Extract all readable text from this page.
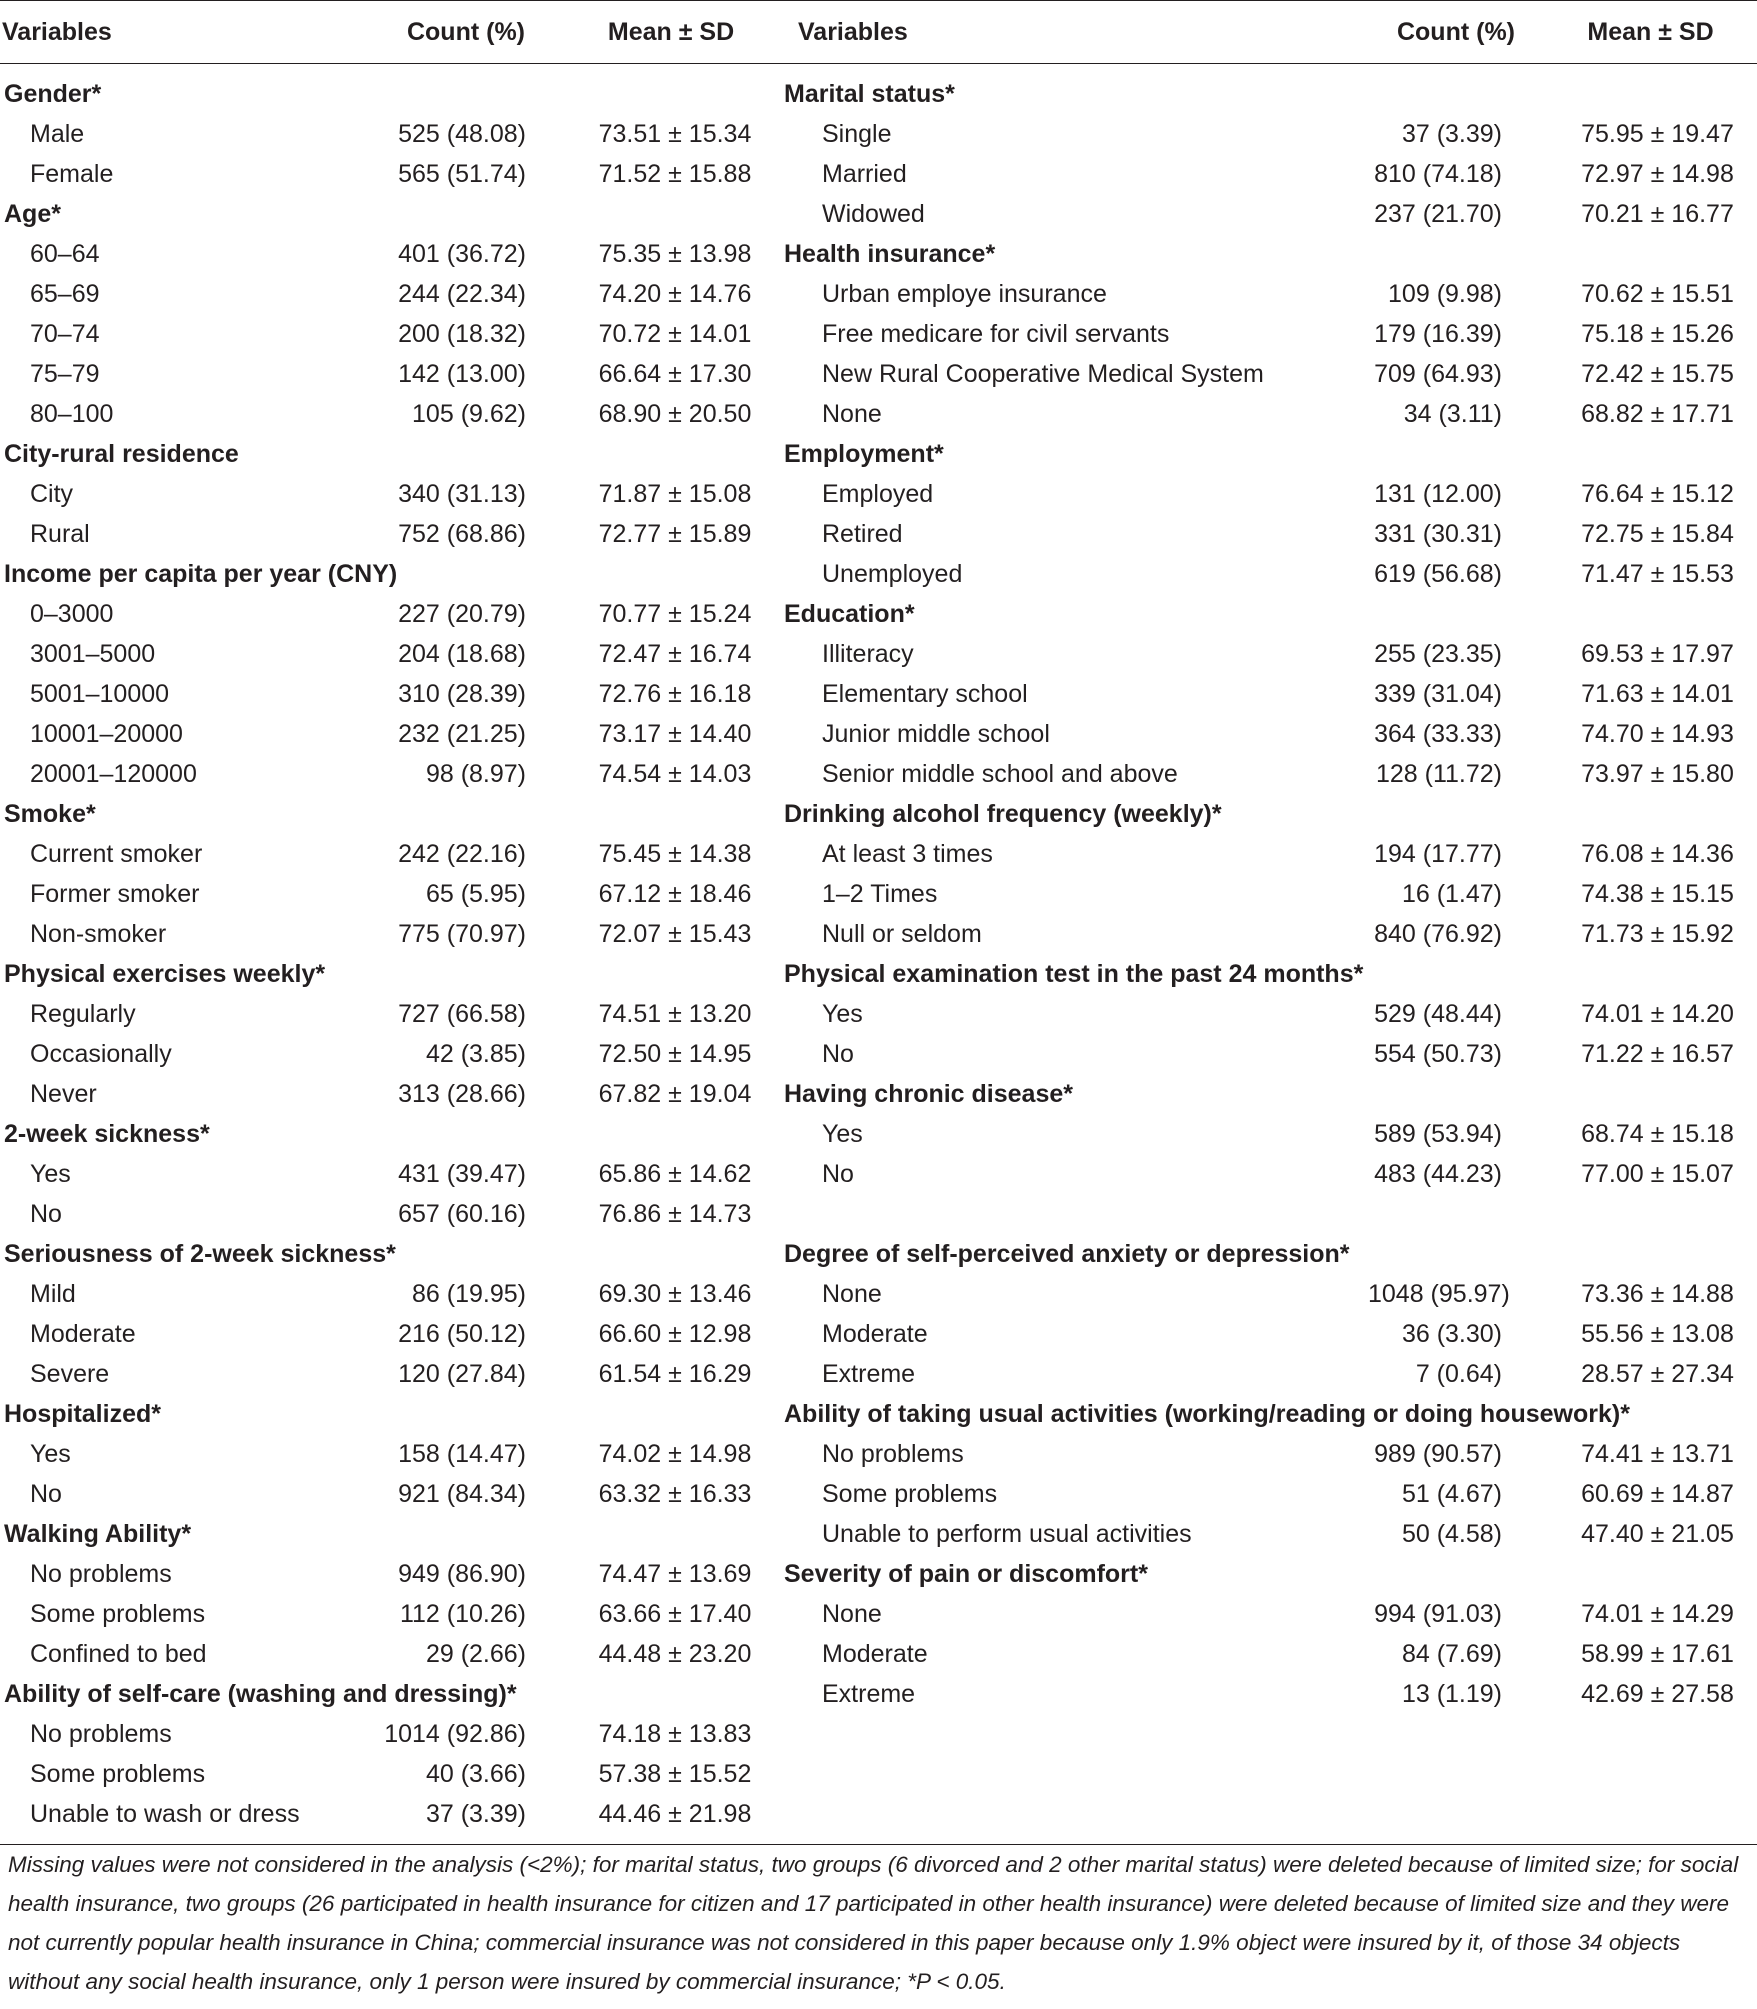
Variables	Count (%)	Mean ± SD	Variables	Count (%)	Mean ± SD
Gender*			Marital status*		
Male	525 (48.08)	73.51 ± 15.34	Single	37 (3.39)	75.95 ± 19.47
Female	565 (51.74)	71.52 ± 15.88	Married	810 (74.18)	72.97 ± 14.98
Age*			Widowed	237 (21.70)	70.21 ± 16.77
60–64	401 (36.72)	75.35 ± 13.98	Health insurance*		
65–69	244 (22.34)	74.20 ± 14.76	Urban employe insurance	109 (9.98)	70.62 ± 15.51
70–74	200 (18.32)	70.72 ± 14.01	Free medicare for civil servants	179 (16.39)	75.18 ± 15.26
75–79	142 (13.00)	66.64 ± 17.30	New Rural Cooperative Medical System	709 (64.93)	72.42 ± 15.75
80–100	105 (9.62)	68.90 ± 20.50	None	34 (3.11)	68.82 ± 17.71
City-rural residence			Employment*		
City	340 (31.13)	71.87 ± 15.08	Employed	131 (12.00)	76.64 ± 15.12
Rural	752 (68.86)	72.77 ± 15.89	Retired	331 (30.31)	72.75 ± 15.84
Income per capita per year (CNY)			Unemployed	619 (56.68)	71.47 ± 15.53
0–3000	227 (20.79)	70.77 ± 15.24	Education*		
3001–5000	204 (18.68)	72.47 ± 16.74	Illiteracy	255 (23.35)	69.53 ± 17.97
5001–10000	310 (28.39)	72.76 ± 16.18	Elementary school	339 (31.04)	71.63 ± 14.01
10001–20000	232 (21.25)	73.17 ± 14.40	Junior middle school	364 (33.33)	74.70 ± 14.93
20001–120000	98 (8.97)	74.54 ± 14.03	Senior middle school and above	128 (11.72)	73.97 ± 15.80
Smoke*			Drinking alcohol frequency (weekly)*		
Current smoker	242 (22.16)	75.45 ± 14.38	At least 3 times	194 (17.77)	76.08 ± 14.36
Former smoker	65 (5.95)	67.12 ± 18.46	1–2 Times	16 (1.47)	74.38 ± 15.15
Non-smoker	775 (70.97)	72.07 ± 15.43	Null or seldom	840 (76.92)	71.73 ± 15.92
Physical exercises weekly*			Physical examination test in the past 24 months*		
Regularly	727 (66.58)	74.51 ± 13.20	Yes	529 (48.44)	74.01 ± 14.20
Occasionally	42 (3.85)	72.50 ± 14.95	No	554 (50.73)	71.22 ± 16.57
Never	313 (28.66)	67.82 ± 19.04	Having chronic disease*		
2-week sickness*			Yes	589 (53.94)	68.74 ± 15.18
Yes	431 (39.47)	65.86 ± 14.62	No	483 (44.23)	77.00 ± 15.07
No	657 (60.16)	76.86 ± 14.73			
Seriousness of 2-week sickness*			Degree of self-perceived anxiety or depression*		
Mild	86 (19.95)	69.30 ± 13.46	None	1048 (95.97)	73.36 ± 14.88
Moderate	216 (50.12)	66.60 ± 12.98	Moderate	36 (3.30)	55.56 ± 13.08
Severe	120 (27.84)	61.54 ± 16.29	Extreme	7 (0.64)	28.57 ± 27.34
Hospitalized*			Ability of taking usual activities (working/reading or doing housework)*		
Yes	158 (14.47)	74.02 ± 14.98	No problems	989 (90.57)	74.41 ± 13.71
No	921 (84.34)	63.32 ± 16.33	Some problems	51 (4.67)	60.69 ± 14.87
Walking Ability*			Unable to perform usual activities	50 (4.58)	47.40 ± 21.05
No problems	949 (86.90)	74.47 ± 13.69	Severity of pain or discomfort*		
Some problems	112 (10.26)	63.66 ± 17.40	None	994 (91.03)	74.01 ± 14.29
Confined to bed	29 (2.66)	44.48 ± 23.20	Moderate	84 (7.69)	58.99 ± 17.61
Ability of self-care (washing and dressing)*			Extreme	13 (1.19)	42.69 ± 27.58
No problems	1014 (92.86)	74.18 ± 13.83			
Some problems	40 (3.66)	57.38 ± 15.52			
Unable to wash or dress	37 (3.39)	44.46 ± 21.98			
Missing values were not considered in the analysis (<2%); for marital status, two groups (6 divorced and 2 other marital status) were deleted because of limited size; for social health insurance, two groups (26 participated in health insurance for citizen and 17 participated in other health insurance) were deleted because of limited size and they were not currently popular health insurance in China; commercial insurance was not considered in this paper because only 1.9% object were insured by it, of those 34 objects without any social health insurance, only 1 person were insured by commercial insurance; *P < 0.05.
